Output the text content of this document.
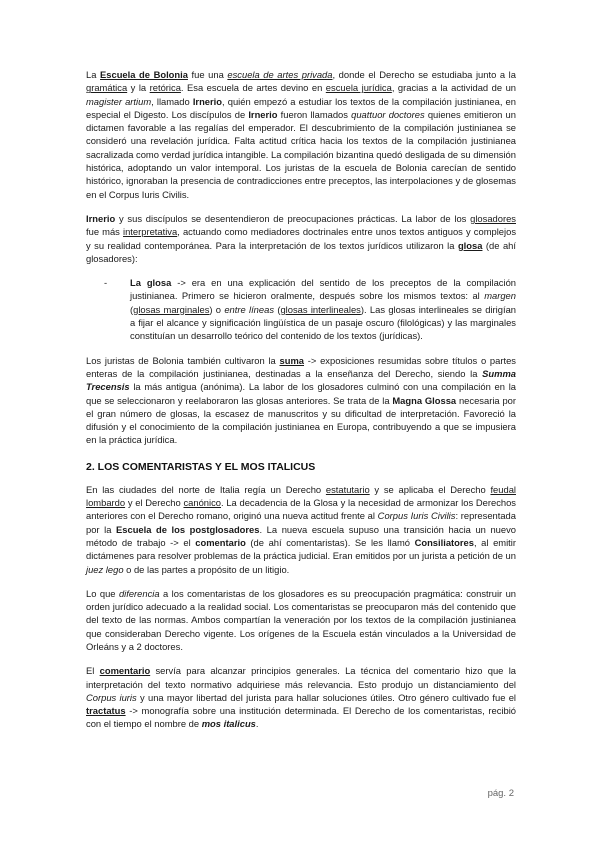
La Escuela de Bolonia fue una escuela de artes privada, donde el Derecho se estudiaba junto a la gramática y la retórica. Esa escuela de artes devino en escuela jurídica, gracias a la actividad de un magister artium, llamado Irnerio, quién empezó a estudiar los textos de la compilación justinianea, en especial el Digesto. Los discípulos de Irnerio fueron llamados quattuor doctores quienes emitieron un dictamen favorable a las regalías del emperador. El descubrimiento de la compilación justinianea se consideró una revelación jurídica. Falta actitud crítica hacia los textos de la compilación justinianea sacralizada como verdad jurídica intangible. La compilación bizantina quedó desligada de su dimensión histórica, adoptando un valor intemporal. Los juristas de la escuela de Bolonia carecían de sentido histórico, ignoraban la presencia de contradicciones entre preceptos, las interpolaciones y de glosemas en el Corpus Iuris Civilis.

Irnerio y sus discípulos se desentendieron de preocupaciones prácticas. La labor de los glosadores fue más interpretativa, actuando como mediadores doctrinales entre unos textos antiguos y complejos y su realidad contemporánea. Para la interpretación de los textos jurídicos utilizaron la glosa (de ahí glosadores):

-	La glosa -> era en una explicación del sentido de los preceptos de la compilación justinianea. Primero se hicieron oralmente, después sobre los mismos textos: al margen (glosas marginales) o entre líneas (glosas interlineales). Las glosas interlineales se dirigían a fijar el alcance y significación lingüística de un pasaje oscuro (filológicas) y las marginales constituían un desarrollo teórico del contenido de los textos (jurídicas).

Los juristas de Bolonia también cultivaron la suma -> exposiciones resumidas sobre títulos o partes enteras de la compilación justinianea, destinadas a la enseñanza del Derecho, siendo la Summa Trecensis la más antigua (anónima). La labor de los glosadores culminó con una compilación en la que se seleccionaron y reelaboraron las glosas anteriores. Se trata de la Magna Glossa necesaria por el gran número de glosas, la escasez de manuscritos y su dificultad de interpretación. Favoreció la difusión y el conocimiento de la compilación justinianea en Europa, contribuyendo a que se impusiera en la práctica jurídica.

2. LOS COMENTARISTAS Y EL MOS ITALICUS

En las ciudades del norte de Italia regía un Derecho estatutario y se aplicaba el Derecho feudal lombardo y el Derecho canónico. La decadencia de la Glosa y la necesidad de armonizar los Derechos anteriores con el Derecho romano, originó una nueva actitud frente al Corpus Iuris Civilis: representada por la Escuela de los postglosadores. La nueva escuela supuso una transición hacia un nuevo método de trabajo -> el comentario (de ahí comentaristas). Se les llamó Consiliatores, al emitir dictámenes para resolver problemas de la práctica judicial. Eran emitidos por un jurista a petición de un juez lego o de las partes a propósito de un litigio.

Lo que diferencia a los comentaristas de los glosadores es su preocupación pragmática: construir un orden jurídico adecuado a la realidad social. Los comentaristas se preocuparon más del contenido que del texto de las normas. Ambos compartían la veneración por los textos de la compilación justinianea que consideraban Derecho vigente. Los orígenes de la Escuela están vinculados a la Universidad de Orleáns y a 2 doctores.

El comentario servía para alcanzar principios generales. La técnica del comentario hizo que la interpretación del texto normativo adquiriese más relevancia. Esto produjo un distanciamiento del Corpus iuris y una mayor libertad del jurista para hallar soluciones útiles. Otro género cultivado fue el tractatus -> monografía sobre una institución determinada. El Derecho de los comentaristas, recibió con el tiempo el nombre de mos italicus.

pág. 2
